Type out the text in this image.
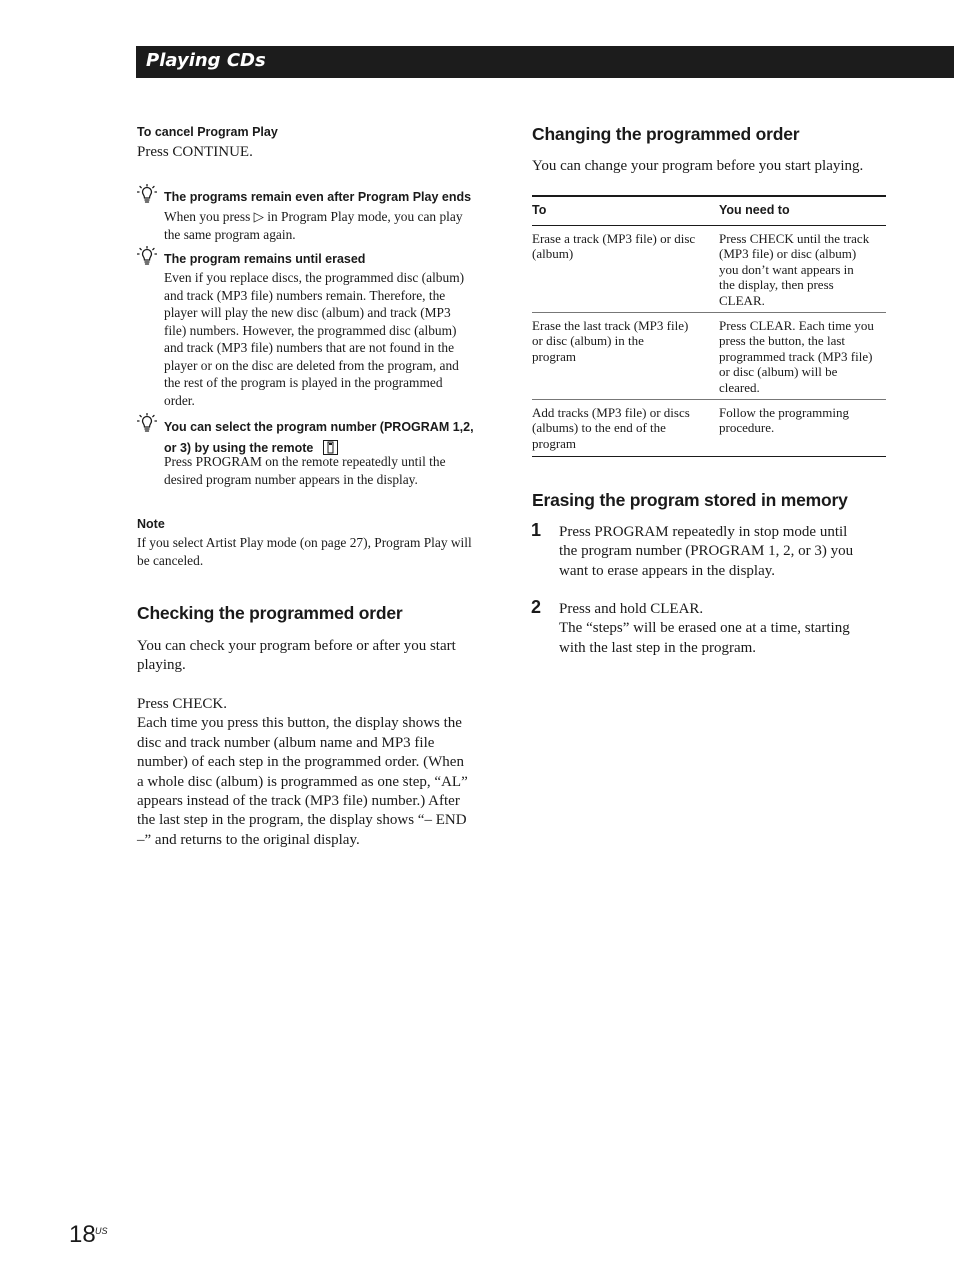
Playing CDs
To cancel Program Play
Press CONTINUE.
The programs remain even after Program Play ends
When you press ▷ in Program Play mode, you can play
the same program again.
The program remains until erased
Even if you replace discs, the programmed disc (album)
and track (MP3 file) numbers remain. Therefore, the
player will play the new disc (album) and track (MP3
file) numbers. However, the programmed disc (album)
and track (MP3 file) numbers that are not found in the
player or on the disc are deleted from the program, and
the rest of the program is played in the programmed
order.
You can select the program number (PROGRAM 1,2,
or 3) by using the remote
Press PROGRAM on the remote repeatedly until the
desired program number appears in the display.
Note
If you select Artist Play mode (on page 27), Program Play will
be canceled.
Checking the programmed order
You can check your program before or after you start
playing.
Press CHECK.
Each time you press this button, the display shows the
disc and track number (album name and MP3 file
number) of each step in the programmed order. (When
a whole disc (album) is programmed as one step, “AL”
appears instead of the track (MP3 file) number.) After
the last step in the program, the display shows “– END
–” and returns to the original display.
Changing the programmed order
You can change your program before you start playing.
To	You need to
Erase a track (MP3 file) or disc
(album)
Press CHECK until the track
(MP3 file) or disc (album)
you don’t want appears in
the display, then press
CLEAR.
Erase the last track (MP3 file)
or disc (album) in the
program
Press CLEAR. Each time you
press the button, the last
programmed track (MP3 file)
or disc (album) will be
cleared.
Add tracks (MP3 file) or discs
(albums) to the end of the
program
Follow the programming
procedure.
Erasing the program stored in memory
1 Press PROGRAM repeatedly in stop mode until
the program number (PROGRAM 1, 2, or 3) you
want to erase appears in the display.
2 Press and hold CLEAR.
The “steps” will be erased one at a time, starting
with the last step in the program.
18 US
